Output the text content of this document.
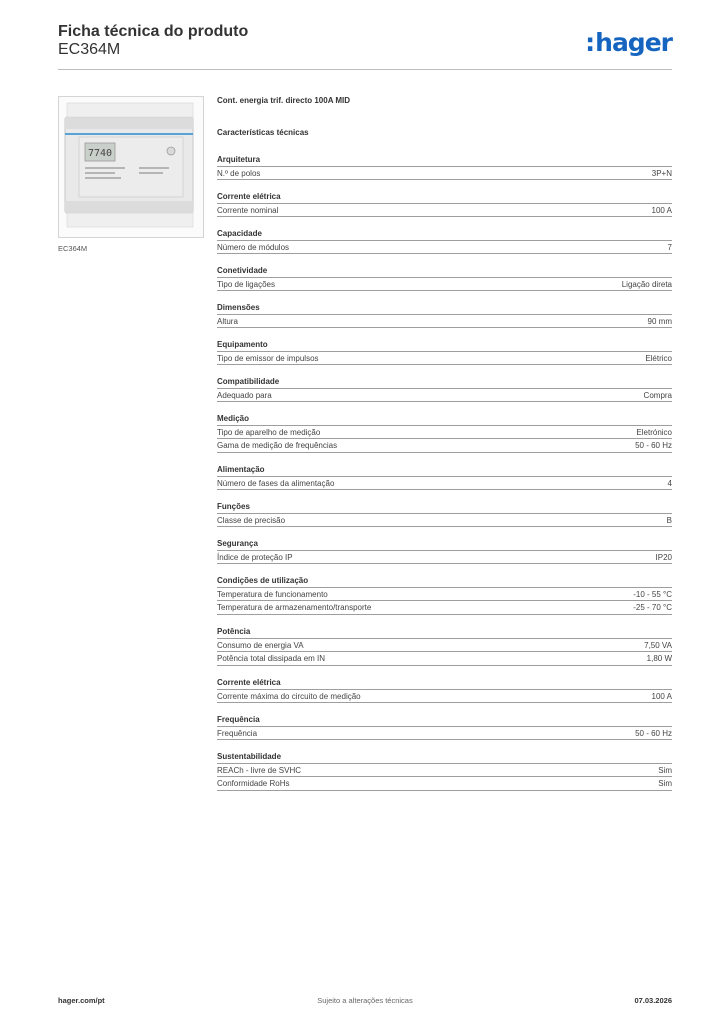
Ficha técnica do produto
EC364M	:hager
7740
EC364M
Cont. energia trif. directo 100A MID
Características técnicas
Arquitetura
N.º de polos	3P+N
Corrente elétrica
Corrente nominal	100 A
Capacidade
Número de módulos	7
Conetividade
Tipo de ligações	Ligação direta
Dimensões
Altura	90 mm
Equipamento
Tipo de emissor de impulsos	Elétrico
Compatibilidade
Adequado para	Compra
Medição
Tipo de aparelho de medição	Eletrónico
Gama de medição de frequências	50 - 60 Hz
Alimentação
Número de fases da alimentação	4
Funções
Classe de precisão	B
Segurança
Índice de proteção IP	IP20
Condições de utilização
Temperatura de funcionamento	-10 - 55 °C
Temperatura de armazenamento/transporte	-25 - 70 °C
Potência
Consumo de energia VA	7,50 VA
Potência total dissipada em IN	1,80 W
Corrente elétrica
Corrente máxima do circuito de medição	100 A
Frequência
Frequência	50 - 60 Hz
Sustentabilidade
REACh - livre de SVHC	Sim
Conformidade RoHs	Sim
hager.com/pt	Sujeito a alterações técnicas	07.03.2026
